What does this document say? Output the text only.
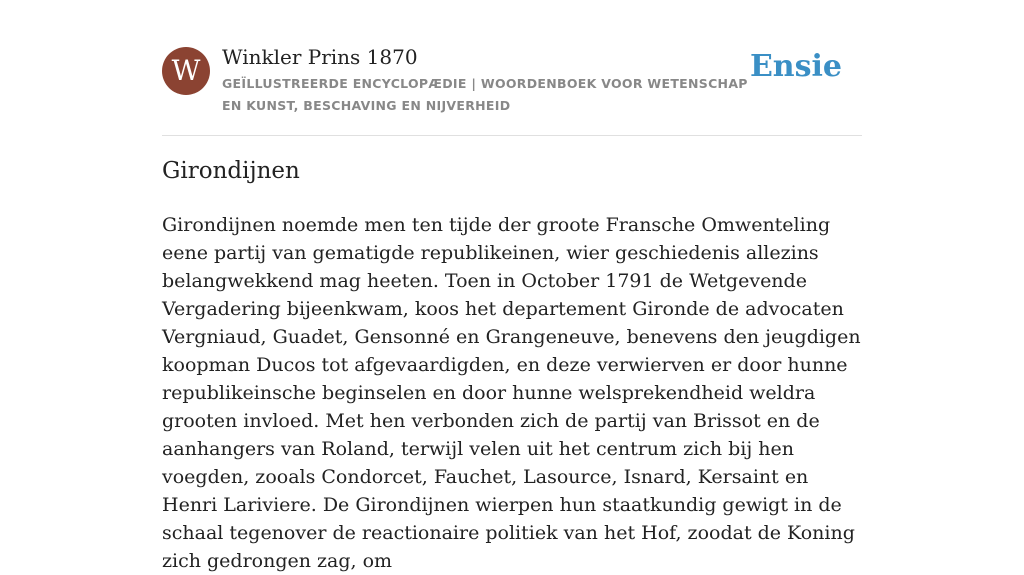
W	Winkler Prins 1870
GEÏLLUSTREERDE ENCYCLOPÆDIE | WOORDENBOEK VOOR WETENSCHAP EN KUNST, BESCHAVING EN NIJVERHEID
Ensie
Girondijnen

Girondijnen noemde men ten tijde der groote Fransche Omwenteling eene partij van gematigde republikeinen, wier geschiedenis allezins belangwekkend mag heeten. Toen in October 1791 de Wetgevende Vergadering bijeenkwam, koos het departement Gironde de advocaten Vergniaud, Guadet, Gensonné en Grangeneuve, benevens den jeugdigen koopman Ducos tot afgevaardigden, en deze verwierven er door hunne republikeinsche beginselen en door hunne welsprekendheid weldra grooten invloed. Met hen verbonden zich de partij van Brissot en de aanhangers van Roland, terwijl velen uit het centrum zich bij hen voegden, zooals Condorcet, Fauchet, Lasource, Isnard, Kersaint en Henri Lariviere. De Girondijnen wierpen hun staatkundig gewigt in de schaal tegenover de reactionaire politiek van het Hof, zoodat de Koning zich gedrongen zag, om
